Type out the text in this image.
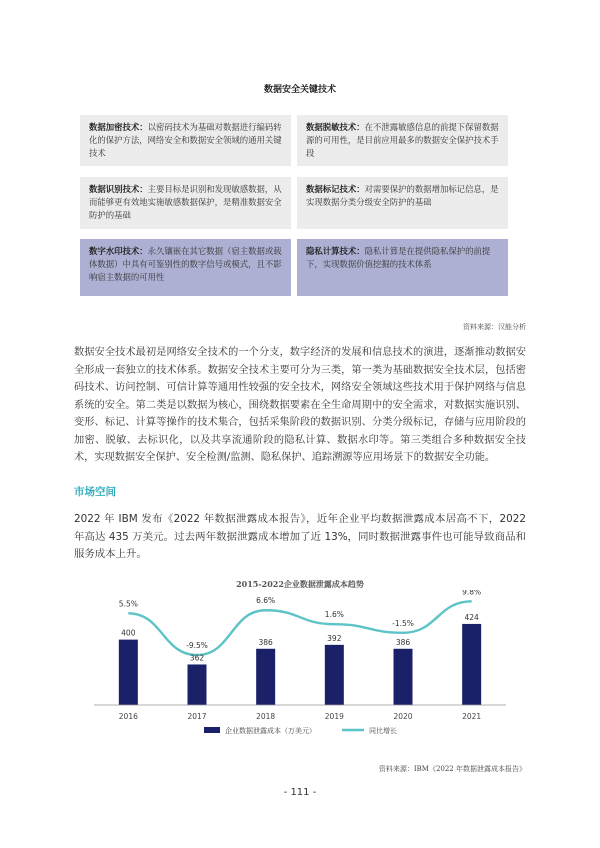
数据安全关键技术
数据加密技术：以密码技术为基础对数据进行编码转化的保护方法，网络安全和数据安全领域的通用关键技术
数据脱敏技术：在不泄露敏感信息的前提下保留数据源的可用性，是目前应用最多的数据安全保护技术手段
数据识别技术：主要目标是识别和发现敏感数据，从而能够更有效地实施敏感数据保护，是精准数据安全防护的基础
数据标记技术：对需要保护的数据增加标记信息，是实现数据分类分级安全防护的基础
数字水印技术：永久镶嵌在其它数据（宿主数据或载体数据）中具有可鉴别性的数字信号或模式，且不影响宿主数据的可用性
隐私计算技术：隐私计算是在提供隐私保护的前提下，实现数据价值挖掘的技术体系
资料来源：汉能分析
数据安全技术最初是网络安全技术的一个分支，数字经济的发展和信息技术的演进，逐渐推动数据安全形成一套独立的技术体系。数据安全技术主要可分为三类，第一类为基础数据安全技术层，包括密码技术、访问控制、可信计算等通用性较强的安全技术，网络安全领域这些技术用于保护网络与信息系统的安全。第二类是以数据为核心，围绕数据要素在全生命周期中的安全需求，对数据实施识别、变形、标记、计算等操作的技术集合，包括采集阶段的数据识别、分类分级标记，存储与应用阶段的加密、脱敏、去标识化，以及共享流通阶段的隐私计算、数据水印等。第三类组合多种数据安全技术，实现数据安全保护、安全检测/监测、隐私保护、追踪溯源等应用场景下的数据安全功能。
市场空间
2022 年 IBM 发布《2022 年数据泄露成本报告》，近年企业平均数据泄露成本居高不下，2022 年高达 435 万美元。过去两年数据泄露成本增加了近 13%，同时数据泄露事件也可能导致商品和服务成本上升。
2015-2022企业数据泄露成本趋势
400
2016
5.5%
362
2017
-9.5%	386
2018
6.6%
392
2019
1.6%
386
2020
-1.5%
424
2021
9.8%
企业数据泄露成本（万美元）	同比增长
资料来源：IBM《2022 年数据泄露成本报告》
- 111 -
